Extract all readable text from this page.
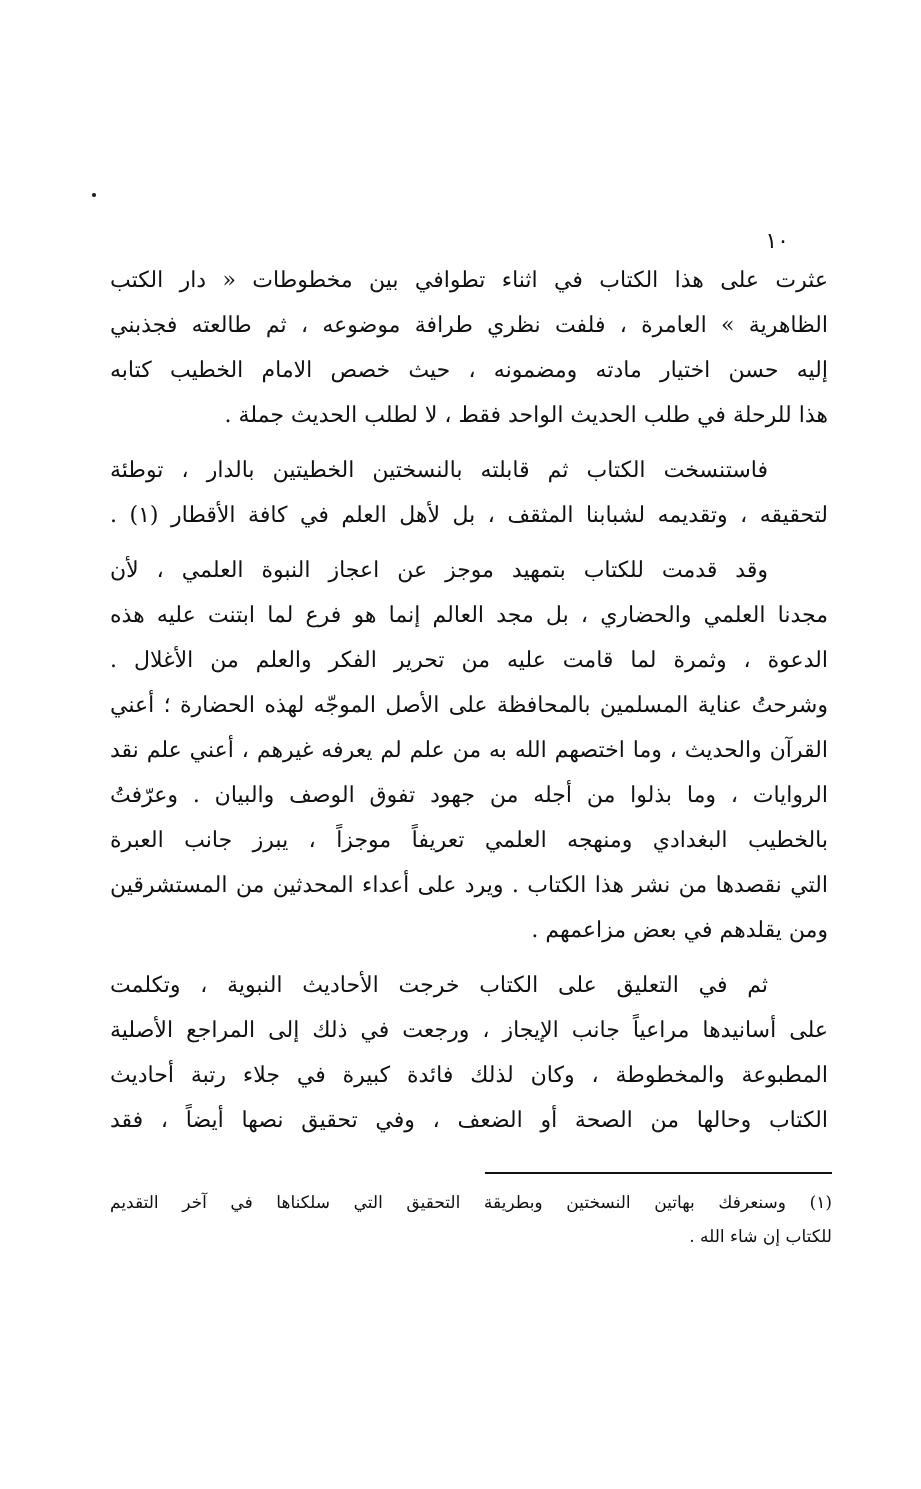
١٠
عثرت على هذا الكتاب في اثناء تطوافي بين مخطوطات « دار الكتب
الظاهرية » العامرة ، فلفت نظري طرافة موضوعه ، ثم طالعته فجذبني
إليه حسن اختيار مادته ومضمونه ، حيث خصص الامام الخطيب كتابه
هذا للرحلة في طلب الحديث الواحد فقط ، لا لطلب الحديث جملة .
فاستنسخت الكتاب ثم قابلته بالنسختين الخطيتين بالدار ، توطئة
لتحقيقه ، وتقديمه لشبابنا المثقف ، بل لأهل العلم في كافة الأقطار (١) .
وقد قدمت للكتاب بتمهيد موجز عن اعجاز النبوة العلمي ، لأن
مجدنا العلمي والحضاري ، بل مجد العالم إنما هو فرع لما ابتنت عليه هذه
الدعوة ، وثمرة لما قامت عليه من تحرير الفكر والعلم من الأغلال .
وشرحتُ عناية المسلمين بالمحافظة على الأصل الموجّه لهذه الحضارة ؛ أعني
القرآن والحديث ، وما اختصهم الله به من علم لم يعرفه غيرهم ، أعني علم نقد
الروايات ، وما بذلوا من أجله من جهود تفوق الوصف والبيان . وعرّفتُ
بالخطيب البغدادي ومنهجه العلمي تعريفاً موجزاً ، يبرز جانب العبرة
التي نقصدها من نشر هذا الكتاب . ويرد على أعداء المحدثين من المستشرقين
ومن يقلدهم في بعض مزاعمهم .
ثم في التعليق على الكتاب خرجت الأحاديث النبوية ، وتكلمت
على أسانيدها مراعياً جانب الإيجاز ، ورجعت في ذلك إلى المراجع الأصلية
المطبوعة والمخطوطة ، وكان لذلك فائدة كبيرة في جلاء رتبة أحاديث
الكتاب وحالها من الصحة أو الضعف ، وفي تحقيق نصها أيضاً ، فقد
(١) وسنعرفك بهاتين النسختين وبطريقة التحقيق التي سلكناها في آخر التقديم
للكتاب إن شاء الله .
